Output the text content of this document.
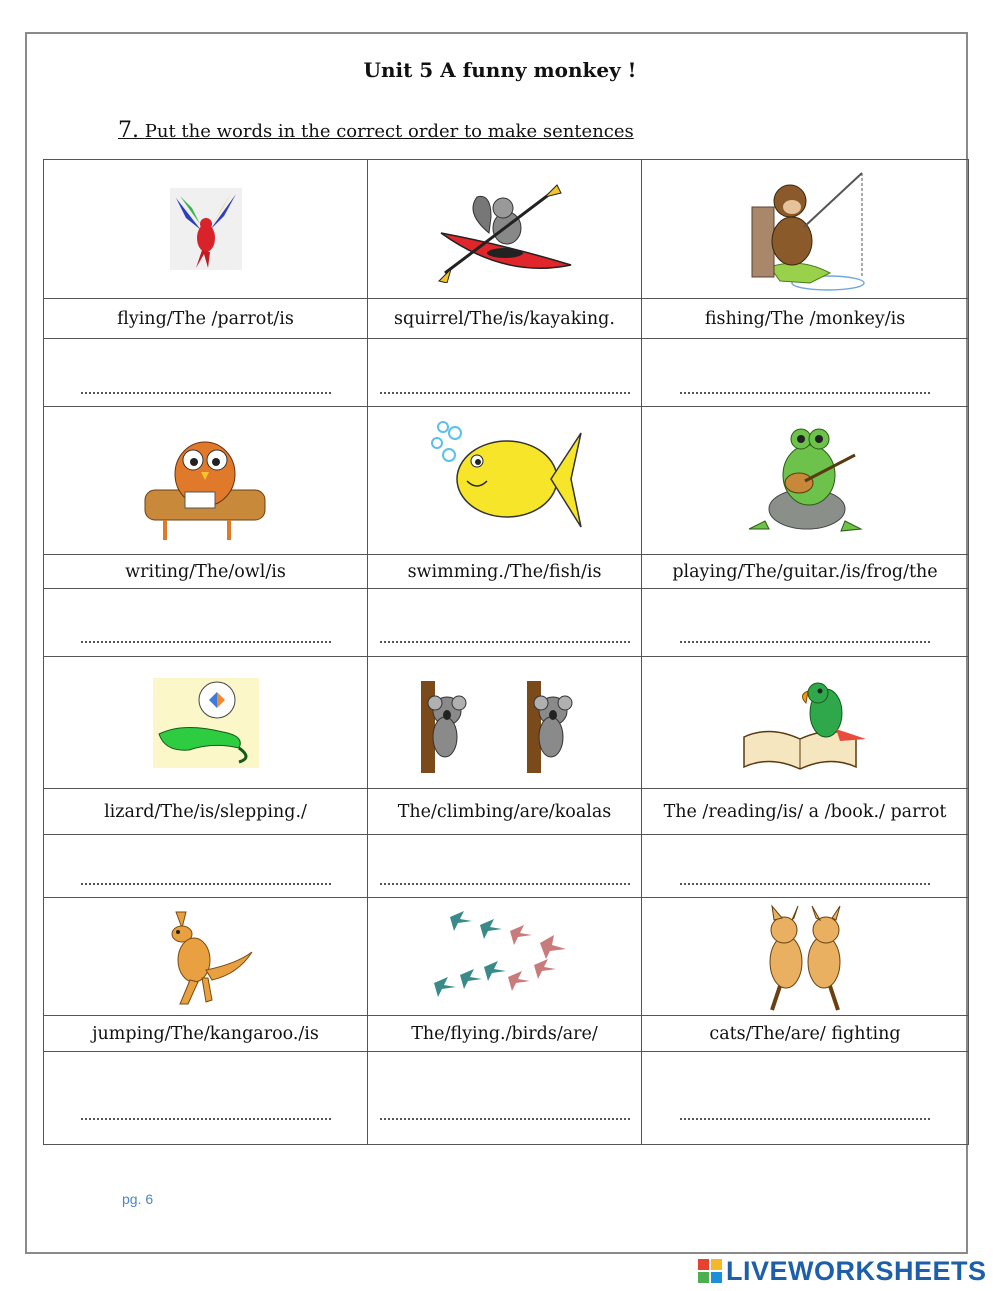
Unit 5 A funny monkey !
7. Put the words in the correct order to make sentences

flying/The /parrot/is	squirrel/The/is/kayaking.	fishing/The /monkey/is

writing/The/owl/is	swimming./The/fish/is	playing/The/guitar./is/frog/the

lizard/The/is/slepping./	The/climbing/are/koalas	The /reading/is/ a /book./ parrot

jumping/The/kangaroo./is	The/flying./birds/are/	cats/The/are/ fighting

pg. 6
LIVEWORKSHEETS
